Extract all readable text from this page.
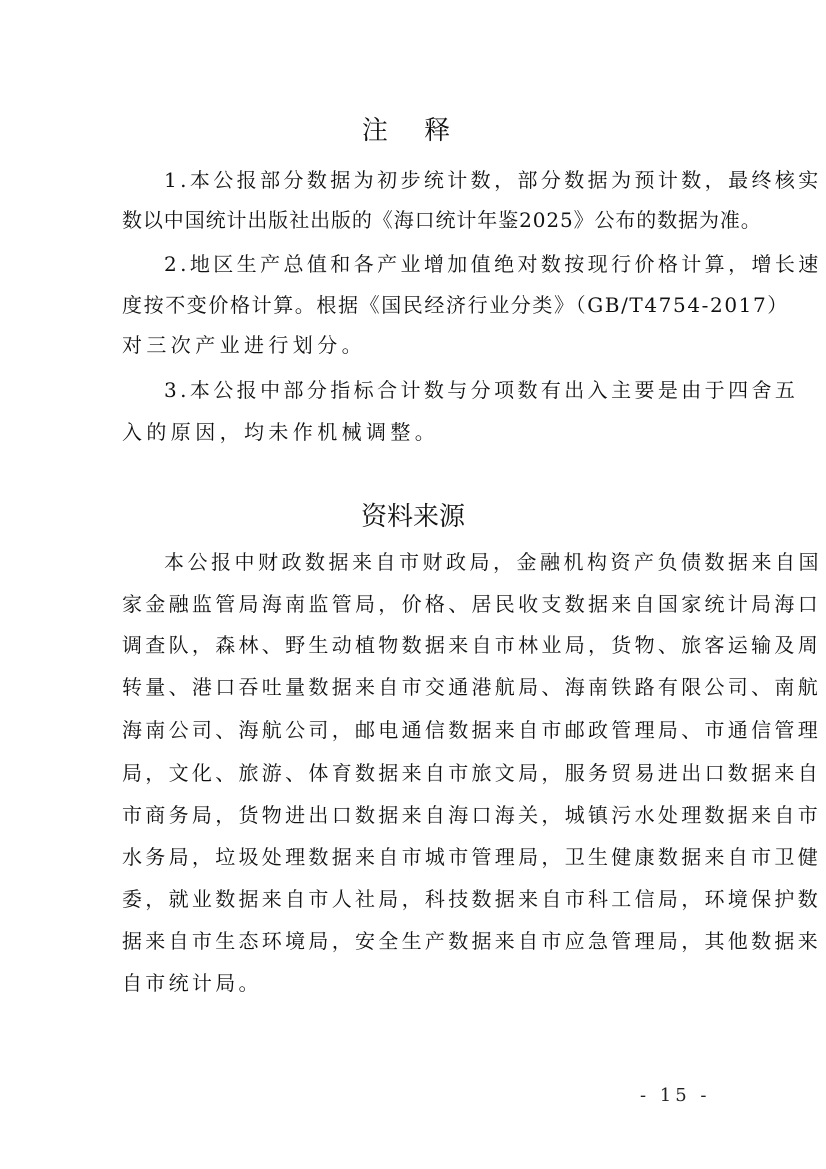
注 释
1.本公报部分数据为初步统计数，部分数据为预计数，最终核实
数以中国统计出版社出版的《海口统计年鉴2025》公布的数据为准。
2.地区生产总值和各产业增加值绝对数按现行价格计算，增长速
度按不变价格计算。根据《国民经济行业分类》（GB/T4754-2017）
对三次产业进行划分。
3.本公报中部分指标合计数与分项数有出入主要是由于四舍五
入的原因，均未作机械调整。
资料来源
本公报中财政数据来自市财政局，金融机构资产负债数据来自国
家金融监管局海南监管局，价格、居民收支数据来自国家统计局海口
调查队，森林、野生动植物数据来自市林业局，货物、旅客运输及周
转量、港口吞吐量数据来自市交通港航局、海南铁路有限公司、南航
海南公司、海航公司，邮电通信数据来自市邮政管理局、市通信管理
局，文化、旅游、体育数据来自市旅文局，服务贸易进出口数据来自
市商务局，货物进出口数据来自海口海关，城镇污水处理数据来自市
水务局，垃圾处理数据来自市城市管理局，卫生健康数据来自市卫健
委，就业数据来自市人社局，科技数据来自市科工信局，环境保护数
据来自市生态环境局，安全生产数据来自市应急管理局，其他数据来
自市统计局。
- 15 -
